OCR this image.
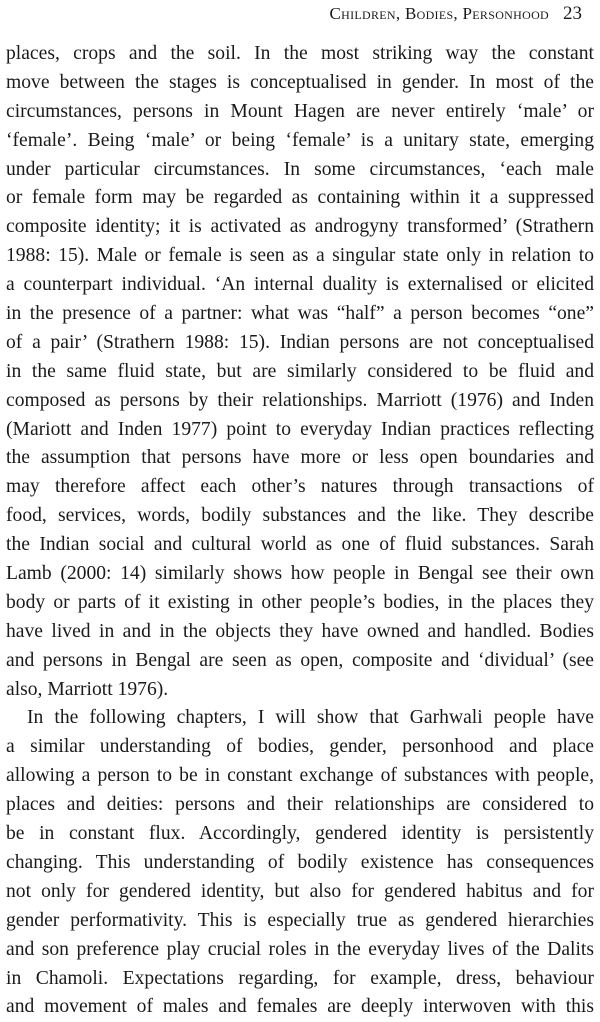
Children, Bodies, Personhood 23
places, crops and the soil. In the most striking way the constant
move between the stages is conceptualised in gender. In most of the
circumstances, persons in Mount Hagen are never entirely ‘male’ or
‘female’. Being ‘male’ or being ‘female’ is a unitary state, emerging
under particular circumstances. In some circumstances, ‘each male
or female form may be regarded as containing within it a suppressed
composite identity; it is activated as androgyny transformed’ (Strathern
1988: 15). Male or female is seen as a singular state only in relation to
a counterpart individual. ‘An internal duality is externalised or elicited
in the presence of a partner: what was “half” a person becomes “one”
of a pair’ (Strathern 1988: 15). Indian persons are not conceptualised
in the same fluid state, but are similarly considered to be fluid and
composed as persons by their relationships. Marriott (1976) and Inden
(Mariott and Inden 1977) point to everyday Indian practices reflecting
the assumption that persons have more or less open boundaries and
may therefore affect each other’s natures through transactions of
food, services, words, bodily substances and the like. They describe
the Indian social and cultural world as one of fluid substances. Sarah
Lamb (2000: 14) similarly shows how people in Bengal see their own
body or parts of it existing in other people’s bodies, in the places they
have lived in and in the objects they have owned and handled. Bodies
and persons in Bengal are seen as open, composite and ‘dividual’ (see
also, Marriott 1976).
In the following chapters, I will show that Garhwali people have
a similar understanding of bodies, gender, personhood and place
allowing a person to be in constant exchange of substances with people,
places and deities: persons and their relationships are considered to
be in constant flux. Accordingly, gendered identity is persistently
changing. This understanding of bodily existence has consequences
not only for gendered identity, but also for gendered habitus and for
gender performativity. This is especially true as gendered hierarchies
and son preference play crucial roles in the everyday lives of the Dalits
in Chamoli. Expectations regarding, for example, dress, behaviour
and movement of males and females are deeply interwoven with this
